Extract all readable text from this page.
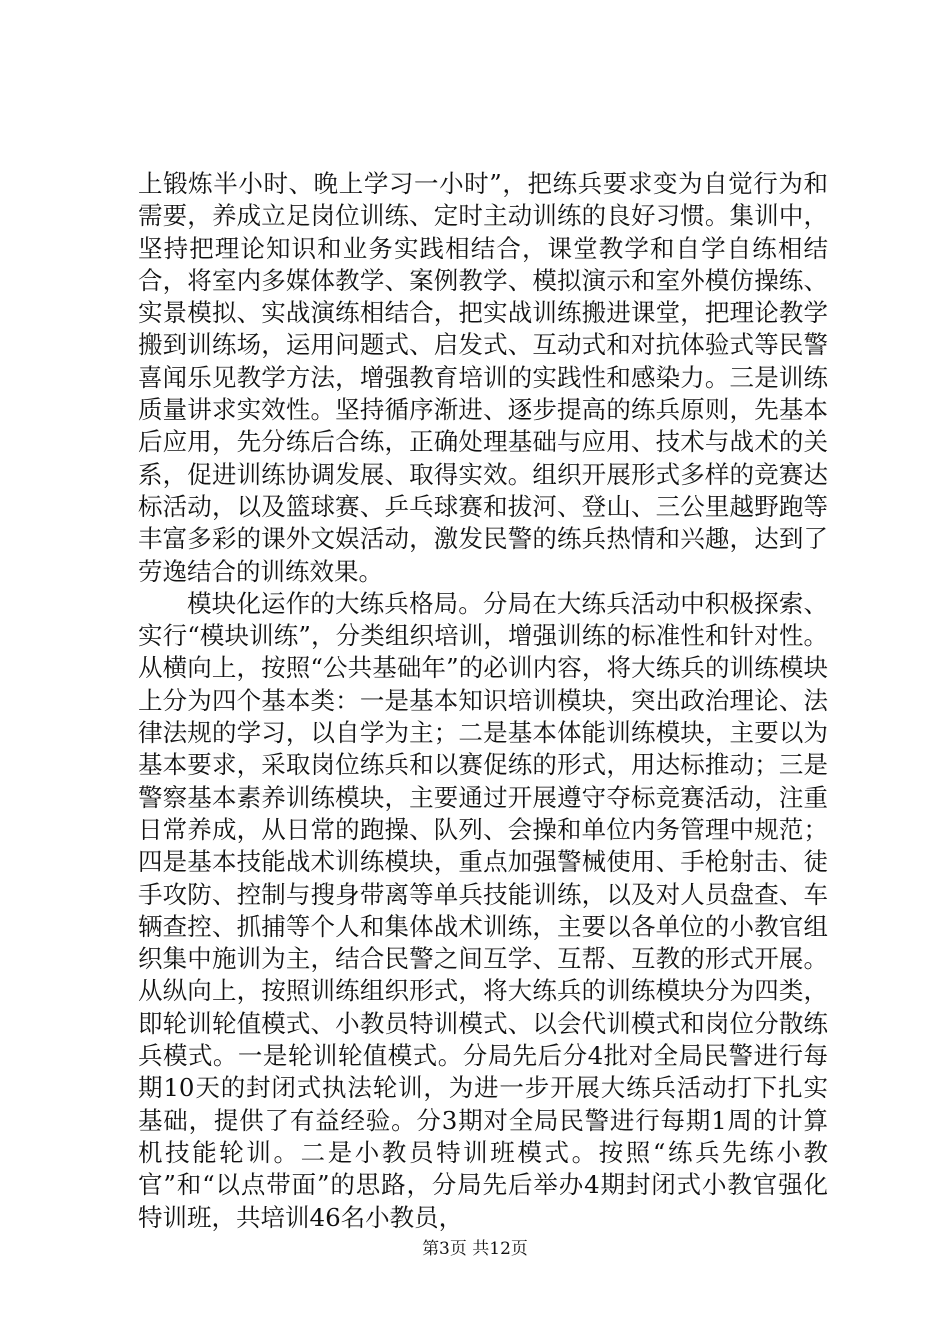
上锻炼半小时、晚上学习一小时”，把练兵要求变为自觉行为和需要，养成立足岗位训练、定时主动训练的良好习惯。集训中，坚持把理论知识和业务实践相结合，课堂教学和自学自练相结合，将室内多媒体教学、案例教学、模拟演示和室外模仿操练、实景模拟、实战演练相结合，把实战训练搬进课堂，把理论教学搬到训练场，运用问题式、启发式、互动式和对抗体验式等民警喜闻乐见教学方法，增强教育培训的实践性和感染力。三是训练质量讲求实效性。坚持循序渐进、逐步提高的练兵原则，先基本后应用，先分练后合练，正确处理基础与应用、技术与战术的关系，促进训练协调发展、取得实效。组织开展形式多样的竞赛达标活动，以及篮球赛、乒乓球赛和拔河、登山、三公里越野跑等丰富多彩的课外文娱活动，激发民警的练兵热情和兴趣，达到了劳逸结合的训练效果。

模块化运作的大练兵格局。分局在大练兵活动中积极探索、实行“模块训练”，分类组织培训，增强训练的标准性和针对性。从横向上，按照“公共基础年”的必训内容，将大练兵的训练模块上分为四个基本类：一是基本知识培训模块，突出政治理论、法律法规的学习，以自学为主；二是基本体能训练模块，主要以为基本要求，采取岗位练兵和以赛促练的形式，用达标推动；三是警察基本素养训练模块，主要通过开展遵守夺标竞赛活动，注重日常养成，从日常的跑操、队列、会操和单位内务管理中规范；四是基本技能战术训练模块，重点加强警械使用、手枪射击、徒手攻防、控制与搜身带离等单兵技能训练，以及对人员盘查、车辆查控、抓捕等个人和集体战术训练，主要以各单位的小教官组织集中施训为主，结合民警之间互学、互帮、互教的形式开展。从纵向上，按照训练组织形式，将大练兵的训练模块分为四类，即轮训轮值模式、小教员特训模式、以会代训模式和岗位分散练兵模式。一是轮训轮值模式。分局先后分4批对全局民警进行每期10天的封闭式执法轮训，为进一步开展大练兵活动打下扎实基础，提供了有益经验。分3期对全局民警进行每期1周的计算机技能轮训。二是小教员特训班模式。按照“练兵先练小教官”和“以点带面”的思路，分局先后举办4期封闭式小教官强化特训班，共培训46名小教员，

第3页 共12页
